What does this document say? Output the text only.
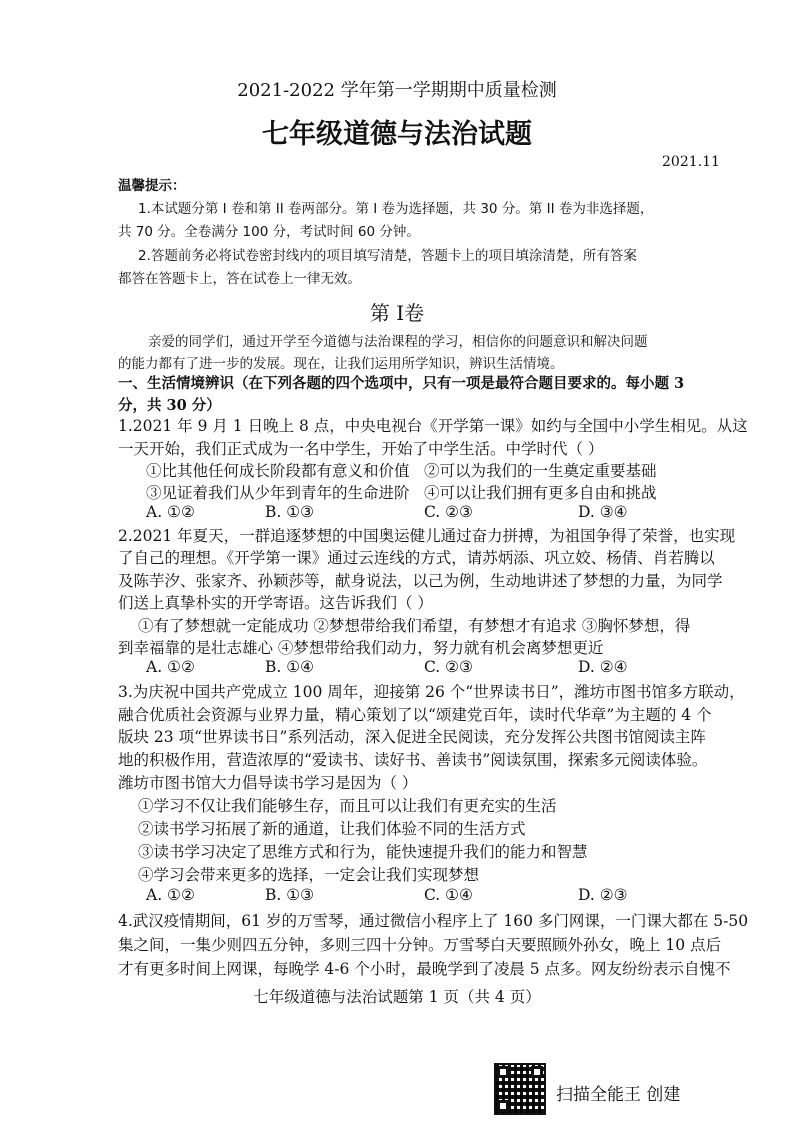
2021-2022 学年第一学期期中质量检测
七年级道德与法治试题
2021.11
温馨提示：
1.本试题分第 I 卷和第 II 卷两部分。第 I 卷为选择题，共 30 分。第 II 卷为非选择题，
共 70 分。全卷满分 100 分，考试时间 60 分钟。
2.答题前务必将试卷密封线内的项目填写清楚，答题卡上的项目填涂清楚，所有答案
都答在答题卡上，答在试卷上一律无效。
第 I卷
亲爱的同学们，通过开学至今道德与法治课程的学习，相信你的问题意识和解决问题
的能力都有了进一步的发展。现在，让我们运用所学知识，辨识生活情境。
一、生活情境辨识（在下列各题的四个选项中，只有一项是最符合题目要求的。每小题 3
分，共 30 分）
1.2021 年 9 月 1 日晚上 8 点，中央电视台《开学第一课》如约与全国中小学生相见。从这
一天开始，我们正式成为一名中学生，开始了中学生活。中学时代（ ）
①比其他任何成长阶段都有意义和价值 ②可以为我们的一生奠定重要基础
③见证着我们从少年到青年的生命进阶 ④可以让我们拥有更多自由和挑战
A. ①②	B. ①③	C. ②③	D. ③④
2.2021 年夏天，一群追逐梦想的中国奥运健儿通过奋力拼搏，为祖国争得了荣誉，也实现
了自己的理想。《开学第一课》通过云连线的方式，请苏炳添、巩立姣、杨倩、肖若腾以
及陈芋汐、张家齐、孙颖莎等，献身说法，以己为例，生动地讲述了梦想的力量，为同学
们送上真挚朴实的开学寄语。这告诉我们（ ）
①有了梦想就一定能成功 ②梦想带给我们希望，有梦想才有追求 ③胸怀梦想，得
到幸福靠的是壮志雄心 ④梦想带给我们动力，努力就有机会离梦想更近
A. ①②	B. ①④	C. ②③	D. ②④
3.为庆祝中国共产党成立 100 周年，迎接第 26 个“世界读书日”，潍坊市图书馆多方联动，
融合优质社会资源与业界力量，精心策划了以“颂建党百年，读时代华章”为主题的 4 个
版块 23 项“世界读书日”系列活动，深入促进全民阅读，充分发挥公共图书馆阅读主阵
地的积极作用，营造浓厚的“爱读书、读好书、善读书”阅读氛围，探索多元阅读体验。
潍坊市图书馆大力倡导读书学习是因为（ ）
①学习不仅让我们能够生存，而且可以让我们有更充实的生活
②读书学习拓展了新的通道，让我们体验不同的生活方式
③读书学习决定了思维方式和行为，能快速提升我们的能力和智慧
④学习会带来更多的选择，一定会让我们实现梦想
A. ①②	B. ①③	C. ①④	D. ②③
4.武汉疫情期间，61 岁的万雪琴，通过微信小程序上了 160 多门网课，一门课大都在 5-50
集之间，一集少则四五分钟，多则三四十分钟。万雪琴白天要照顾外孙女，晚上 10 点后
才有更多时间上网课，每晚学 4-6 个小时，最晚学到了凌晨 5 点多。网友纷纷表示自愧不
七年级道德与法治试题第 1 页（共 4 页）
扫描全能王 创建
